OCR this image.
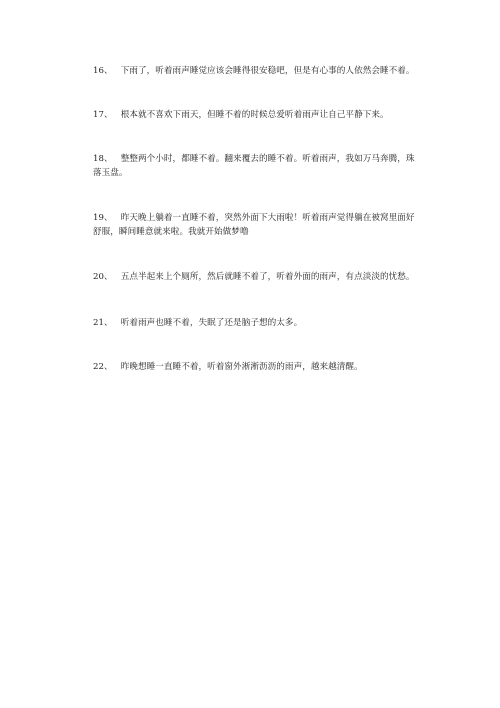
16、 下雨了，听着雨声睡觉应该会睡得很安稳吧，但是有心事的人依然会睡不着。
17、 根本就不喜欢下雨天，但睡不着的时候总爱听着雨声让自己平静下来。
18、 整整两个小时，都睡不着。翻来覆去的睡不着。听着雨声，我如万马奔腾，珠落玉盘。
19、 昨天晚上躺着一直睡不着，突然外面下大雨啦！听着雨声觉得躺在被窝里面好舒服，瞬间睡意就来啦。我就开始做梦噜
20、 五点半起来上个厕所，然后就睡不着了，听着外面的雨声，有点淡淡的忧愁。
21、 听着雨声也睡不着，失眠了还是脑子想的太多。
22、 昨晚想睡一直睡不着，听着窗外淅淅沥沥的雨声，越来越清醒。
